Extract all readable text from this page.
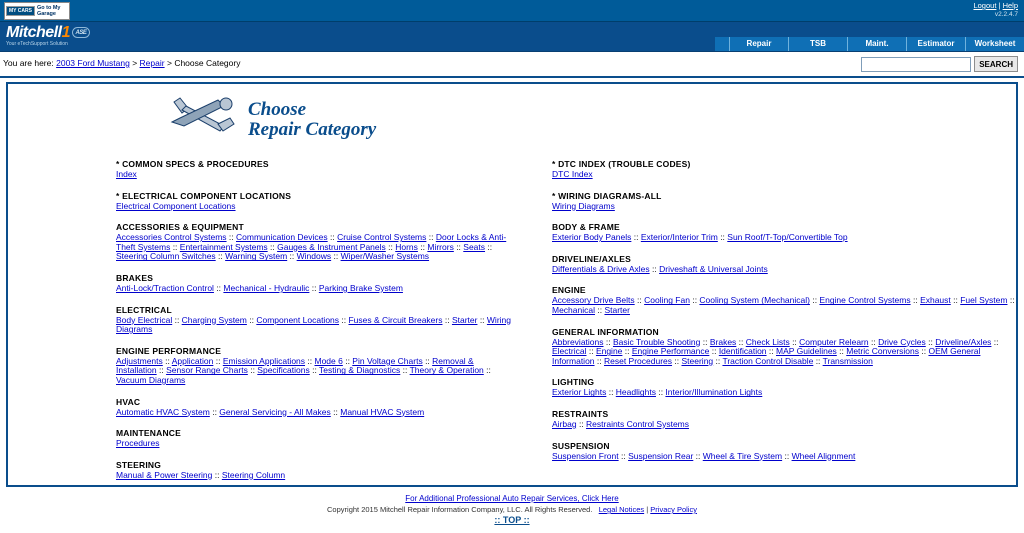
MY CARS Go to My Garage
Logout | Help
v2.2.4.7
Mitchell1 ASE
Your eTechSupport Solution	Repair	TSB	Maint.	Estimator	Worksheet
You are here: 2003 Ford Mustang > Repair > Choose Category	SEARCH
Choose
Repair Category
* COMMON SPECS & PROCEDURES
Index
* ELECTRICAL COMPONENT LOCATIONS
Electrical Component Locations
ACCESSORIES & EQUIPMENT
Accessories Control Systems :: Communication Devices :: Cruise Control Systems :: Door Locks & Anti-Theft Systems :: Entertainment Systems :: Gauges & Instrument Panels :: Horns :: Mirrors :: Seats :: Steering Column Switches :: Warning System :: Windows :: Wiper/Washer Systems
BRAKES
Anti-Lock/Traction Control :: Mechanical - Hydraulic :: Parking Brake System
ELECTRICAL
Body Electrical :: Charging System :: Component Locations :: Fuses & Circuit Breakers :: Starter :: Wiring Diagrams
ENGINE PERFORMANCE
Adjustments :: Application :: Emission Applications :: Mode 6 :: Pin Voltage Charts :: Removal & Installation :: Sensor Range Charts :: Specifications :: Testing & Diagnostics :: Theory & Operation :: Vacuum Diagrams
HVAC
Automatic HVAC System :: General Servicing - All Makes :: Manual HVAC System
MAINTENANCE
Procedures
STEERING
Manual & Power Steering :: Steering Column
* DTC INDEX (TROUBLE CODES)
DTC Index
* WIRING DIAGRAMS-ALL
Wiring Diagrams
BODY & FRAME
Exterior Body Panels :: Exterior/Interior Trim :: Sun Roof/T-Top/Convertible Top
DRIVELINE/AXLES
Differentials & Drive Axles :: Driveshaft & Universal Joints
ENGINE
Accessory Drive Belts :: Cooling Fan :: Cooling System (Mechanical) :: Engine Control Systems :: Exhaust :: Fuel System :: Mechanical :: Starter
GENERAL INFORMATION
Abbreviations :: Basic Trouble Shooting :: Brakes :: Check Lists :: Computer Relearn :: Drive Cycles :: Driveline/Axles :: Electrical :: Engine :: Engine Performance :: Identification :: MAP Guidelines :: Metric Conversions :: OEM General Information :: Reset Procedures :: Steering :: Traction Control Disable :: Transmission
LIGHTING
Exterior Lights :: Headlights :: Interior/Illumination Lights
RESTRAINTS
Airbag :: Restraints Control Systems
SUSPENSION
Suspension Front :: Suspension Rear :: Wheel & Tire System :: Wheel Alignment
For Additional Professional Auto Repair Services, Click Here
Copyright 2015 Mitchell Repair Information Company, LLC. All Rights Reserved. Legal Notices | Privacy Policy
:: TOP ::
